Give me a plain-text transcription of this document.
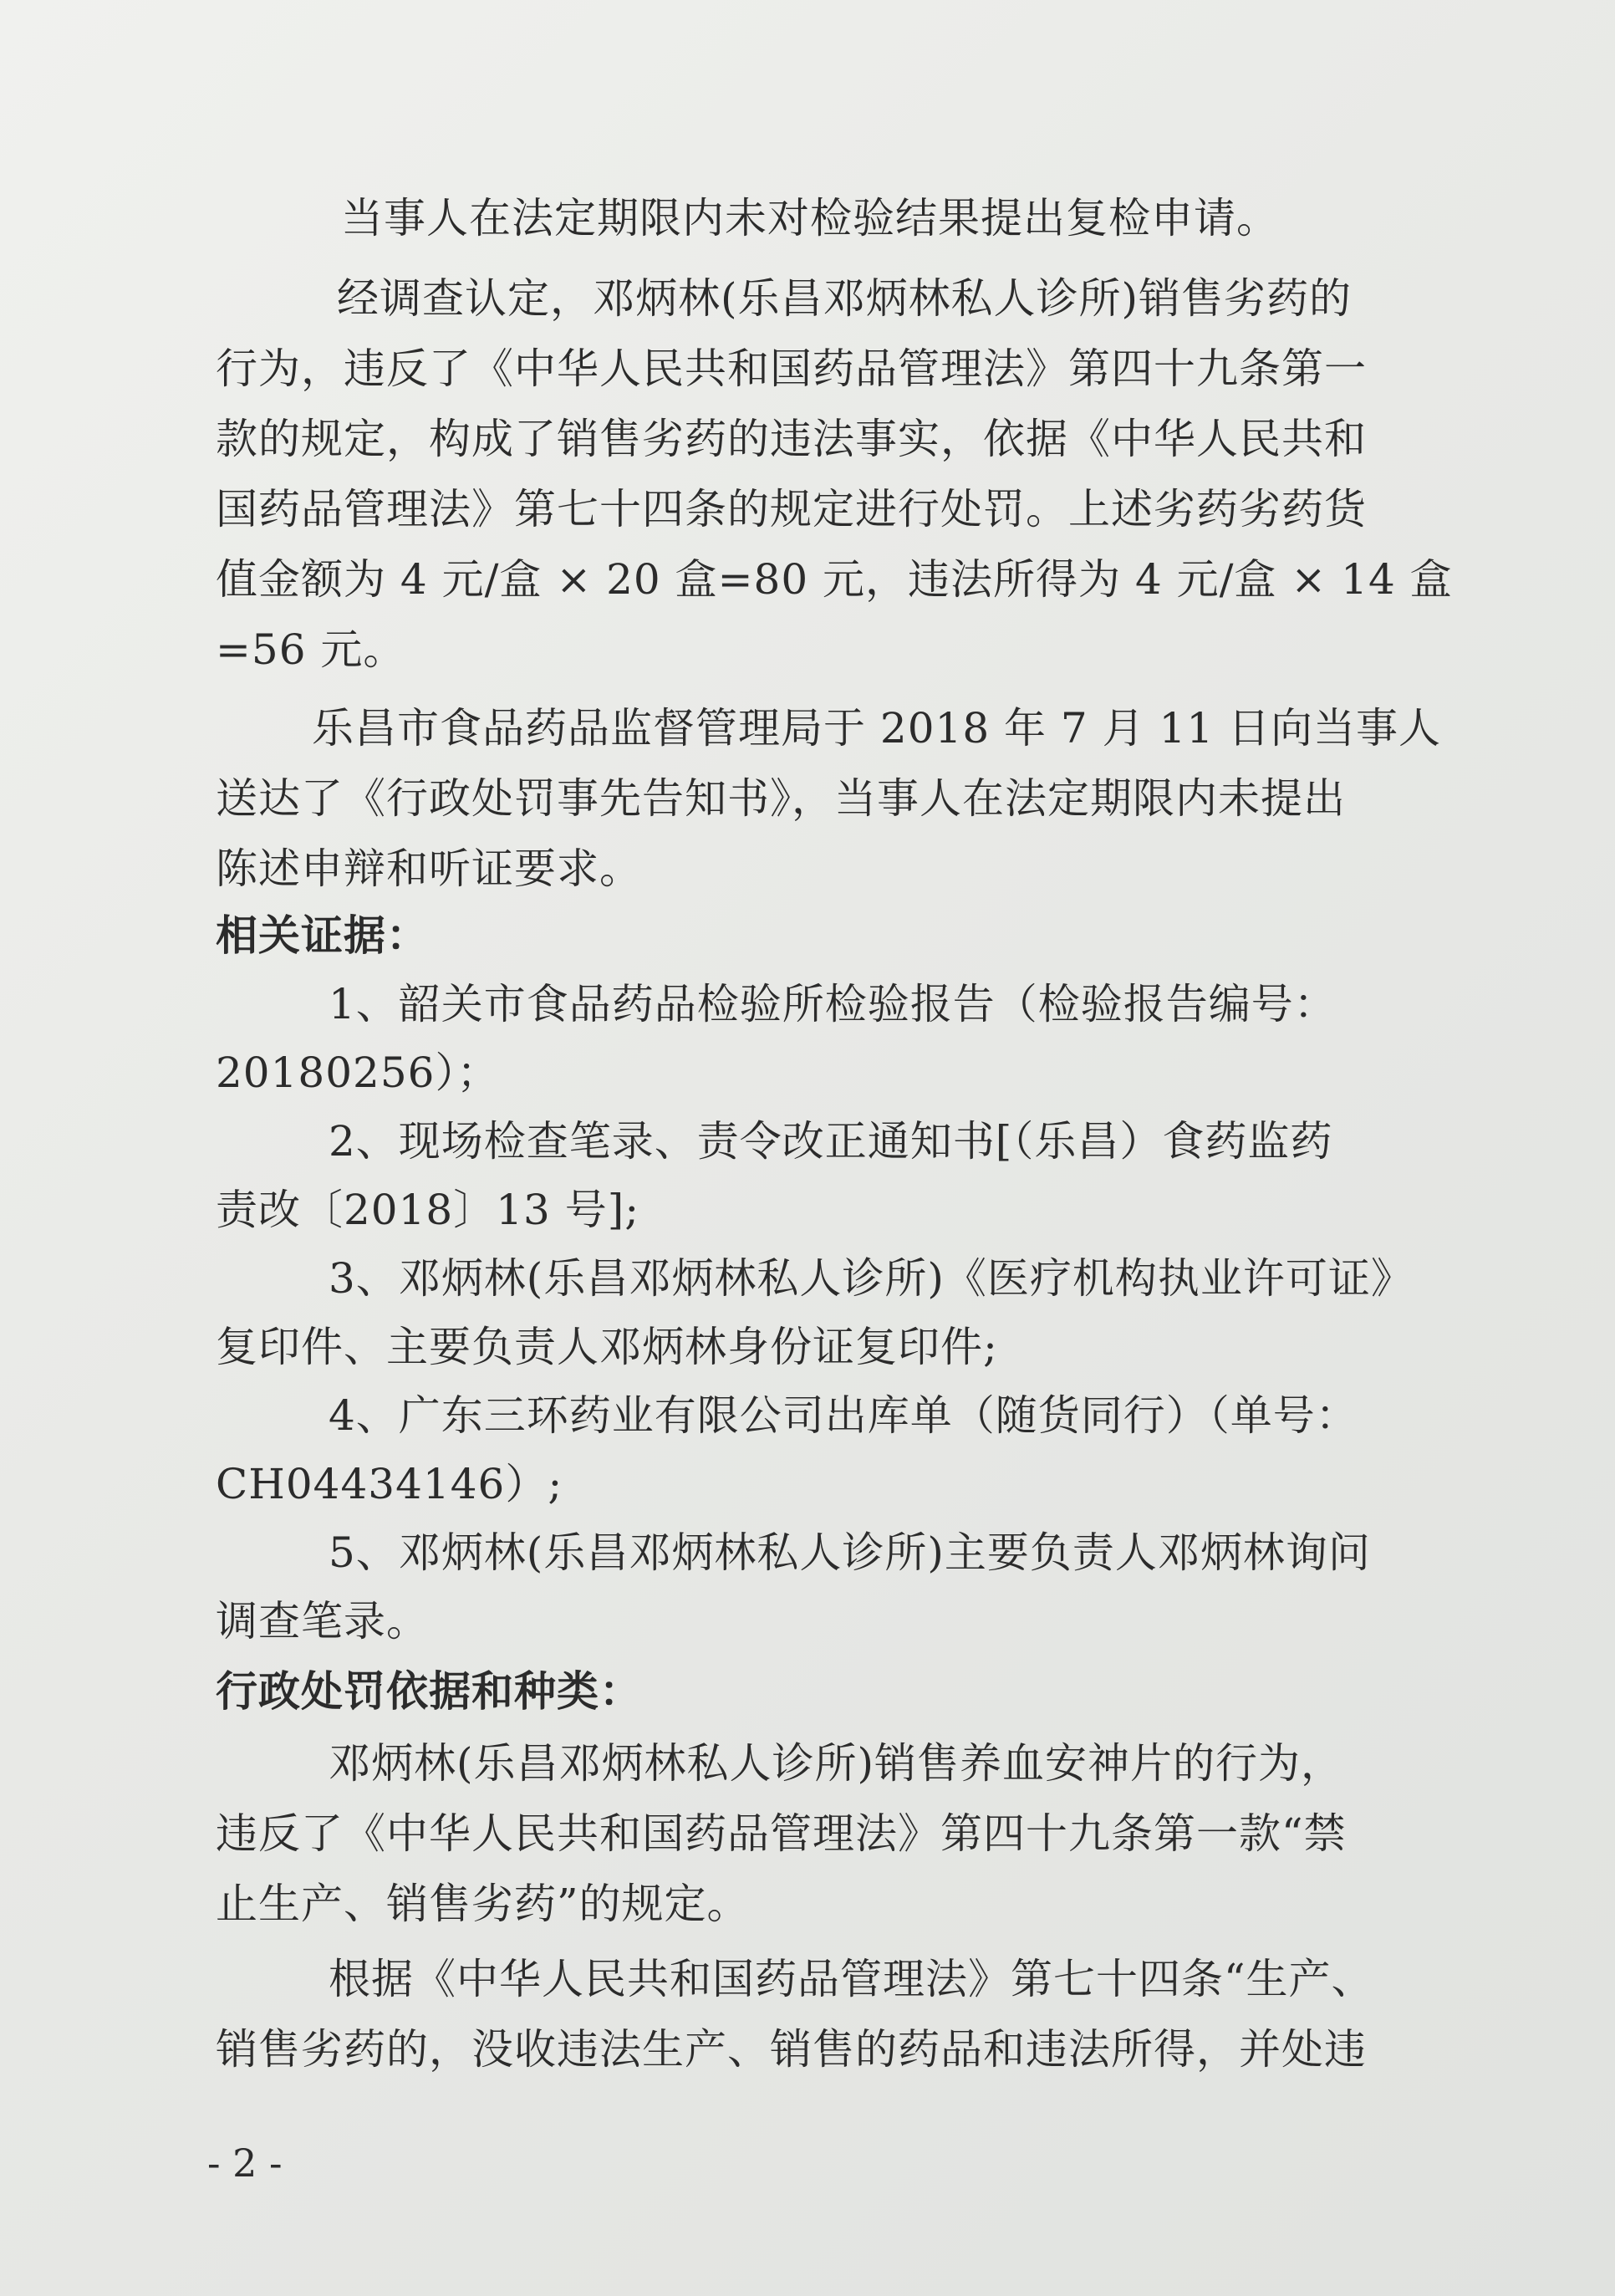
当事人在法定期限内未对检验结果提出复检申请。
经调查认定，邓炳林(乐昌邓炳林私人诊所)销售劣药的
行为，违反了《中华人民共和国药品管理法》第四十九条第一
款的规定，构成了销售劣药的违法事实，依据《中华人民共和
国药品管理法》第七十四条的规定进行处罚。上述劣药劣药货
值金额为 4 元/盒 × 20 盒=80 元，违法所得为 4 元/盒 × 14 盒
=56 元。
乐昌市食品药品监督管理局于 2018 年 7 月 11 日向当事人
送达了《行政处罚事先告知书》，当事人在法定期限内未提出
陈述申辩和听证要求。
相关证据：
1、韶关市食品药品检验所检验报告（检验报告编号：
20180256）；
2、现场检查笔录、责令改正通知书[（乐昌）食药监药
责改〔2018〕13 号];
3、邓炳林(乐昌邓炳林私人诊所)《医疗机构执业许可证》
复印件、主要负责人邓炳林身份证复印件;
4、广东三环药业有限公司出库单（随货同行）（单号：
CH04434146）;
5、邓炳林(乐昌邓炳林私人诊所)主要负责人邓炳林询问
调查笔录。
行政处罚依据和种类：
邓炳林(乐昌邓炳林私人诊所)销售养血安神片的行为，
违反了《中华人民共和国药品管理法》第四十九条第一款“禁
止生产、销售劣药”的规定。
根据《中华人民共和国药品管理法》第七十四条“生产、
销售劣药的，没收违法生产、销售的药品和违法所得，并处违
- 2 -
